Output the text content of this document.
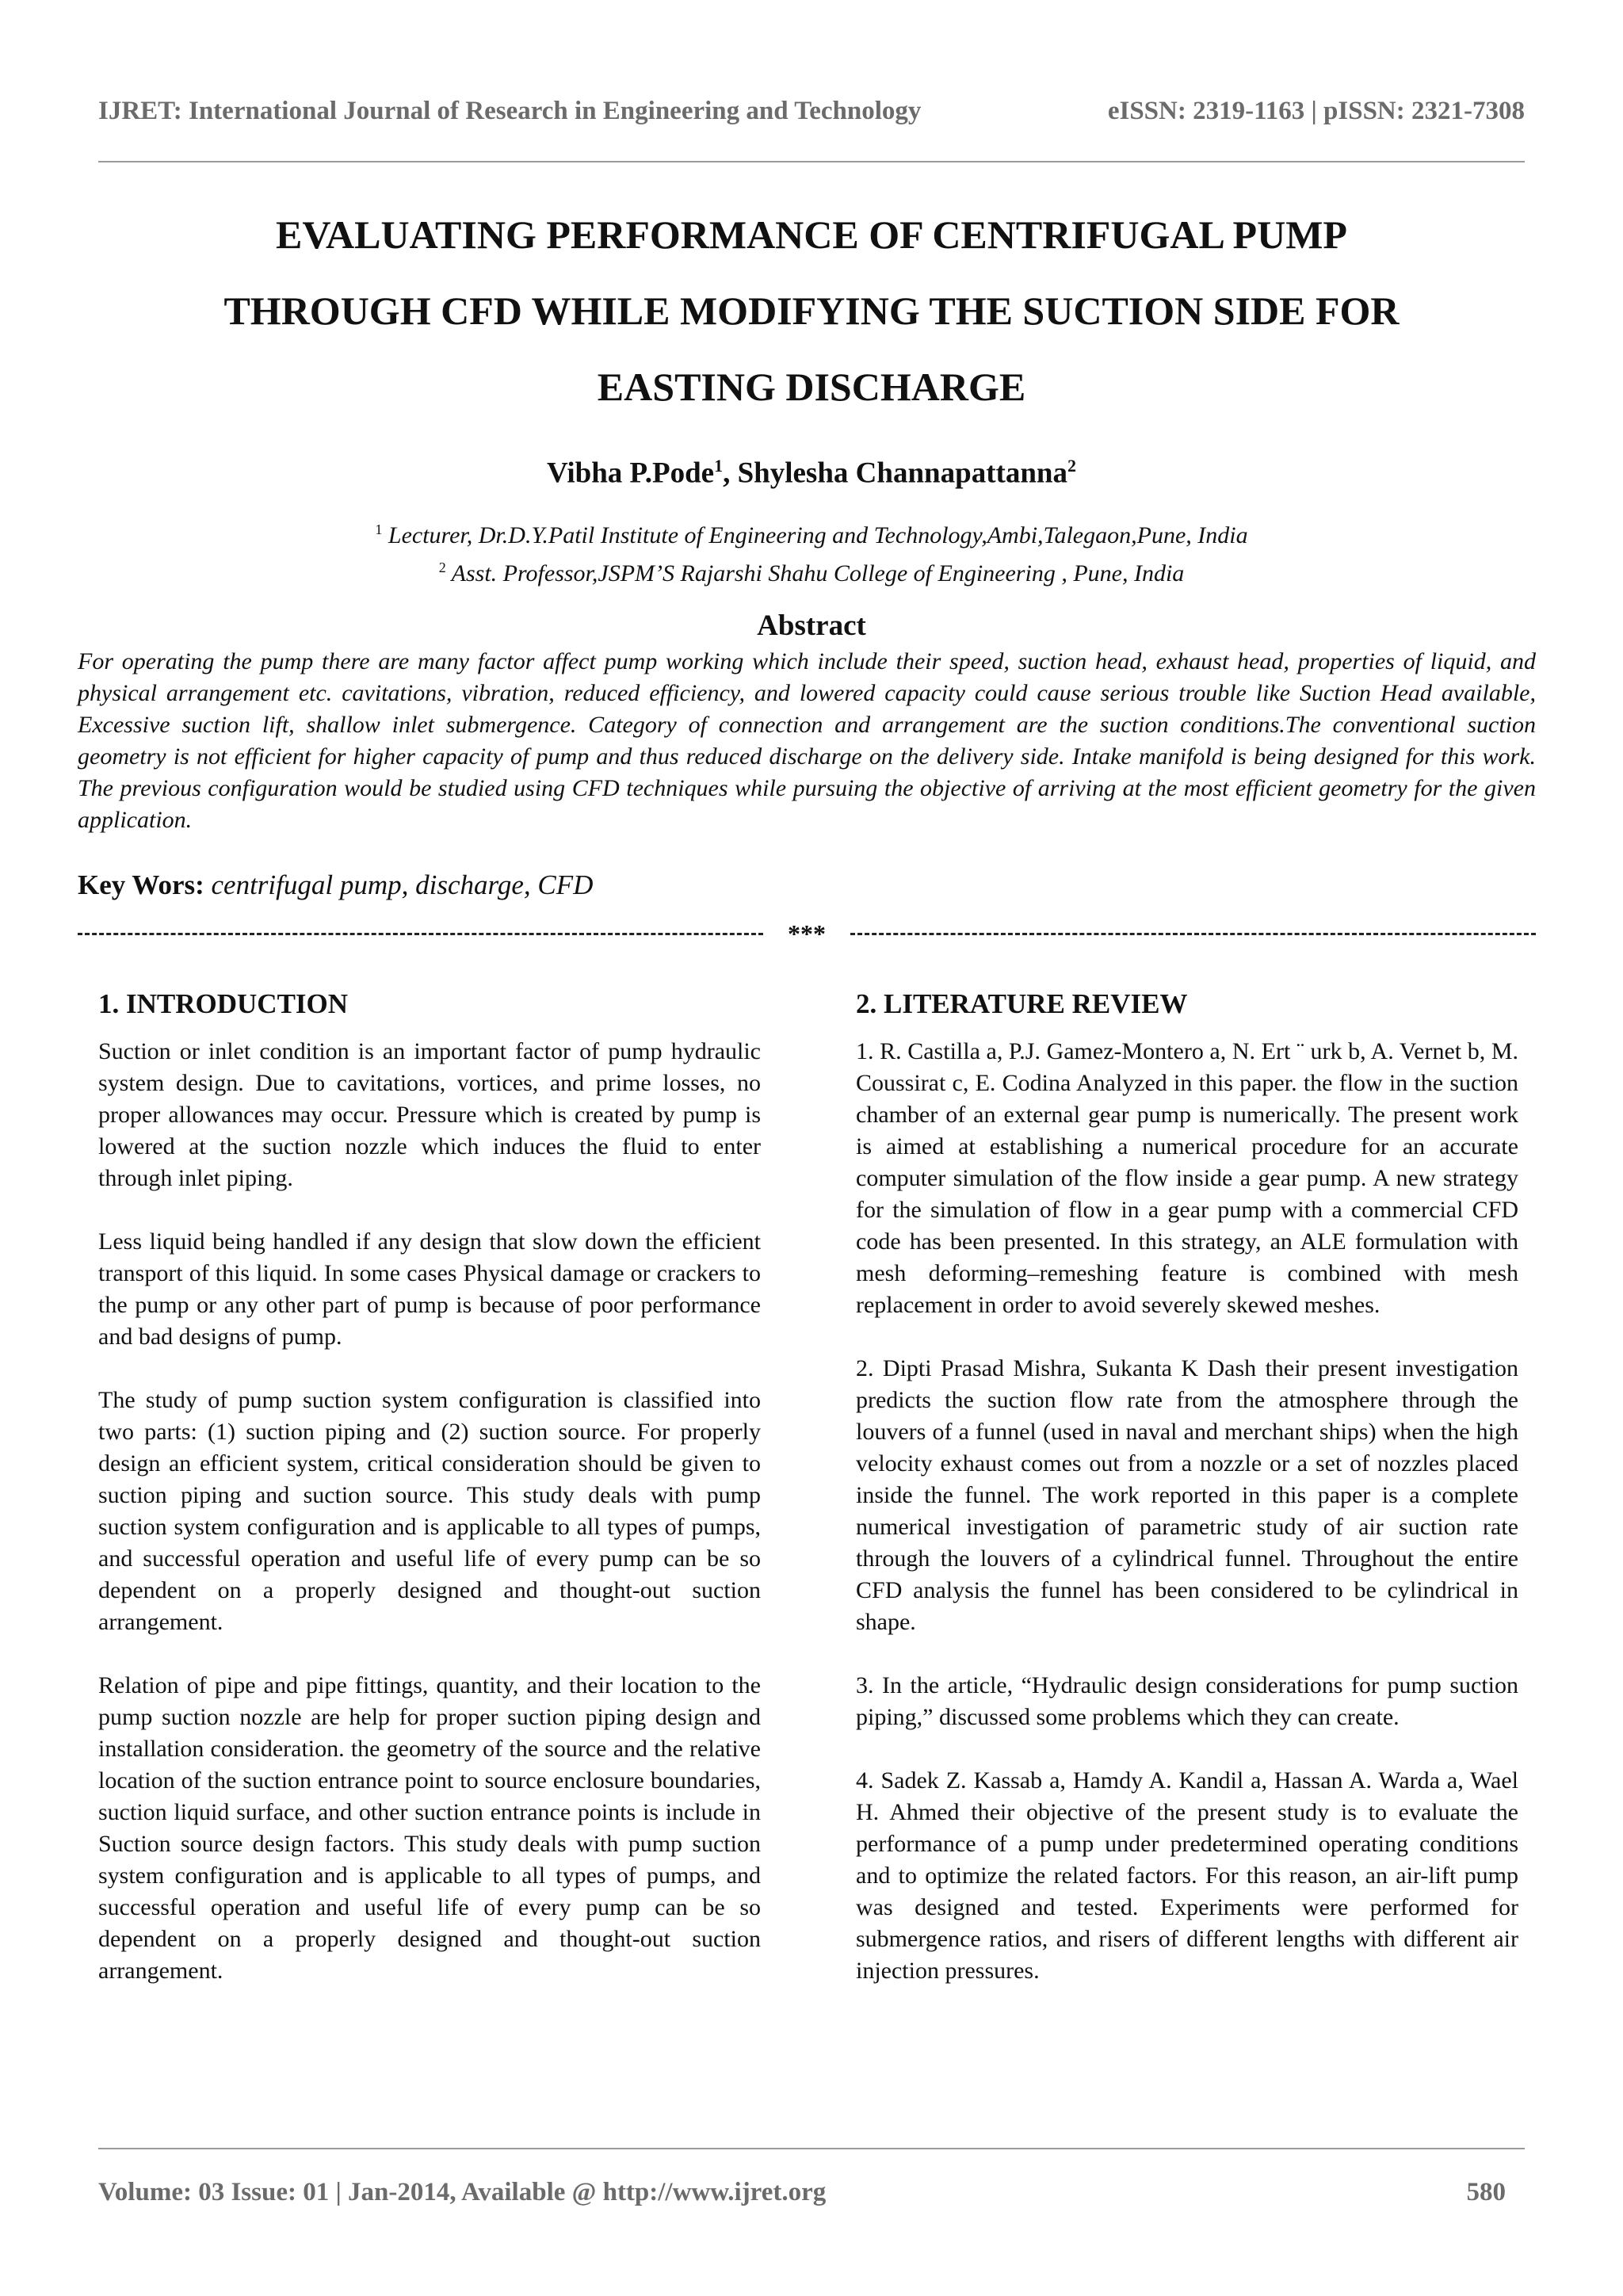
IJRET: International Journal of Research in Engineering and Technology	eISSN: 2319-1163 | pISSN: 2321-7308
EVALUATING PERFORMANCE OF CENTRIFUGAL PUMP
THROUGH CFD WHILE MODIFYING THE SUCTION SIDE FOR
EASTING DISCHARGE
Vibha P.Pode$^1$, Shylesha Channapattanna$^2$
$^1$ Lecturer, Dr.D.Y.Patil Institute of Engineering and Technology,Ambi,Talegaon,Pune, India
$^2$ Asst. Professor,JSPM’S Rajarshi Shahu College of Engineering , Pune, India
Abstract

For operating the pump there are many factor affect pump working which include their speed, suction head, exhaust head, properties of liquid, and physical arrangement etc. cavitations, vibration, reduced efficiency, and lowered capacity could cause serious trouble like Suction Head available, Excessive suction lift, shallow inlet submergence. Category of connection and arrangement are the suction conditions.The conventional suction geometry is not efficient for higher capacity of pump and thus reduced discharge on the delivery side. Intake manifold is being designed for this work. The previous configuration would be studied using CFD techniques while pursuing the objective of arriving at the most efficient geometry for the given application.

Key Wors: centrifugal pump, discharge, CFD
***
1. INTRODUCTION

Suction or inlet condition is an important factor of pump hydraulic system design. Due to cavitations, vortices, and prime losses, no proper allowances may occur. Pressure which is created by pump is lowered at the suction nozzle which induces the fluid to enter through inlet piping.

Less liquid being handled if any design that slow down the efficient transport of this liquid. In some cases Physical damage or crackers to the pump or any other part of pump is because of poor performance and bad designs of pump.

The study of pump suction system configuration is classified into two parts: (1) suction piping and (2) suction source. For properly design an efficient system, critical consideration should be given to suction piping and suction source. This study deals with pump suction system configuration and is applicable to all types of pumps, and successful operation and useful life of every pump can be so dependent on a properly designed and thought-out suction arrangement.

Relation of pipe and pipe fittings, quantity, and their location to the pump suction nozzle are help for proper suction piping design and installation consideration. the geometry of the source and the relative location of the suction entrance point to source enclosure boundaries, suction liquid surface, and other suction entrance points is include in Suction source design factors. This study deals with pump suction system configuration and is applicable to all types of pumps, and successful operation and useful life of every pump can be so dependent on a properly designed and thought-out suction arrangement.

2. LITERATURE REVIEW

1. R. Castilla a, P.J. Gamez-Montero a, N. Ert ¨ urk b, A. Vernet b, M. Coussirat c, E. Codina Analyzed in this paper. the flow in the suction chamber of an external gear pump is numerically. The present work is aimed at establishing a numerical procedure for an accurate computer simulation of the flow inside a gear pump. A new strategy for the simulation of flow in a gear pump with a commercial CFD code has been presented. In this strategy, an ALE formulation with mesh deforming–remeshing feature is combined with mesh replacement in order to avoid severely skewed meshes.

2. Dipti Prasad Mishra, Sukanta K Dash their present investigation predicts the suction flow rate from the atmosphere through the louvers of a funnel (used in naval and merchant ships) when the high velocity exhaust comes out from a nozzle or a set of nozzles placed inside the funnel. The work reported in this paper is a complete numerical investigation of parametric study of air suction rate through the louvers of a cylindrical funnel. Throughout the entire CFD analysis the funnel has been considered to be cylindrical in shape.

3. In the article, “Hydraulic design considerations for pump suction piping,” discussed some problems which they can create.

4. Sadek Z. Kassab a, Hamdy A. Kandil a, Hassan A. Warda a, Wael H. Ahmed their objective of the present study is to evaluate the performance of a pump under predetermined operating conditions and to optimize the related factors. For this reason, an air-lift pump was designed and tested. Experiments were performed for submergence ratios, and risers of different lengths with different air injection pressures.

Volume: 03 Issue: 01 | Jan-2014, Available @ http://www.ijret.org	580
